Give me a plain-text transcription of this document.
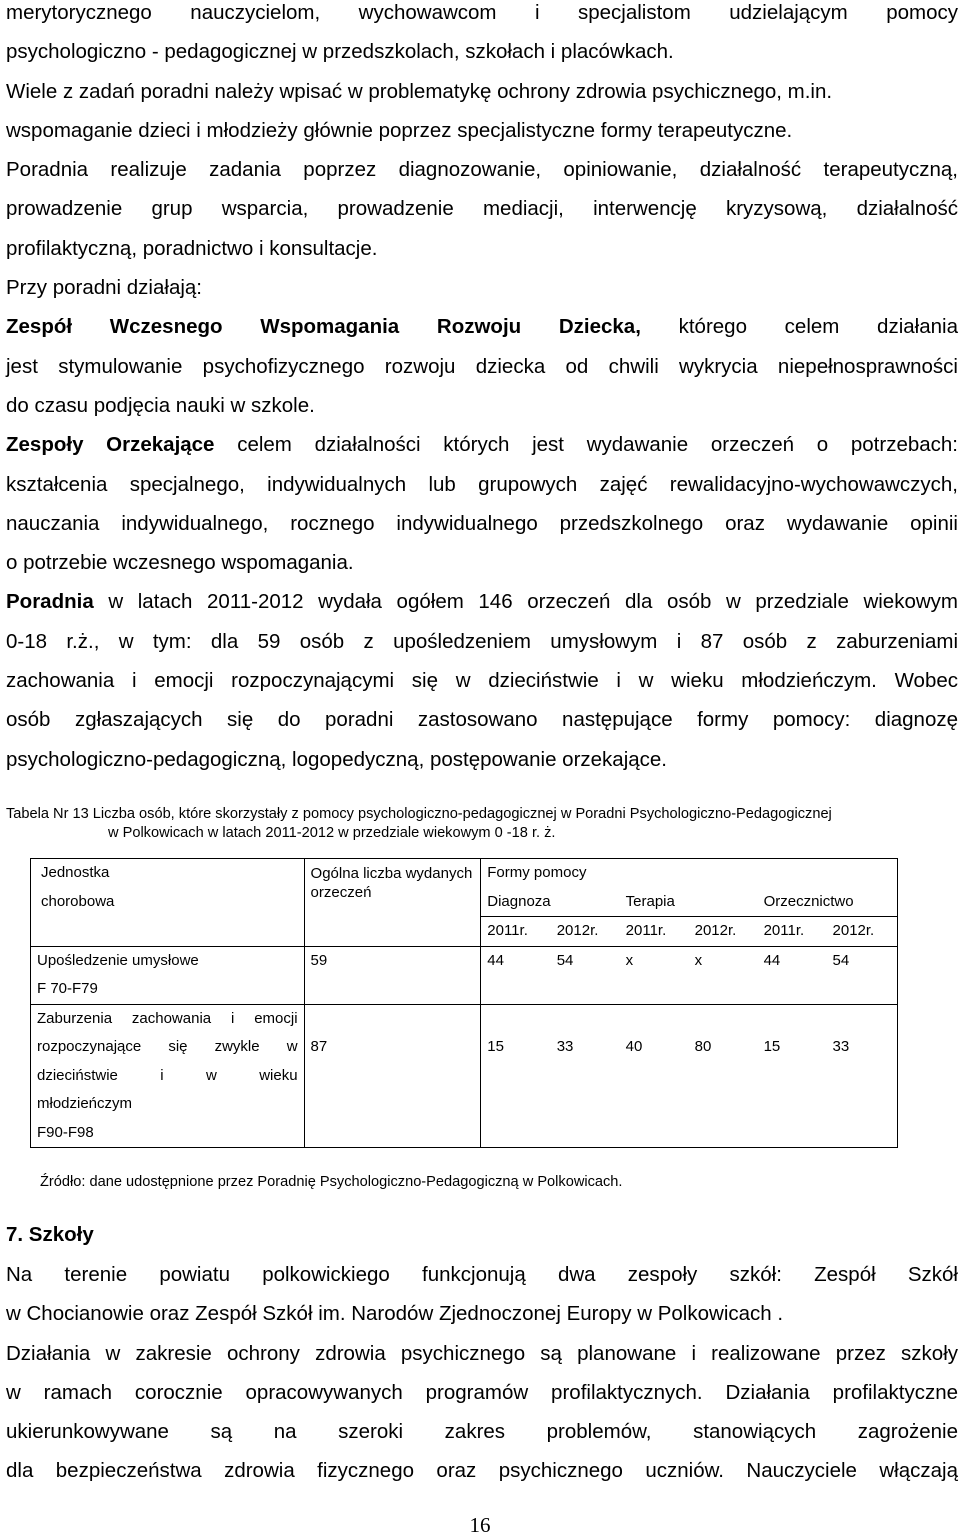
merytorycznego nauczycielom, wychowawcom i specjalistom udzielającym pomocy
psychologiczno - pedagogicznej w przedszkolach, szkołach i placówkach.
Wiele z zadań poradni należy wpisać w problematykę ochrony zdrowia psychicznego, m.in.
wspomaganie dzieci i młodzieży głównie poprzez specjalistyczne formy terapeutyczne.
Poradnia realizuje zadania poprzez diagnozowanie, opiniowanie, działalność terapeutyczną,
prowadzenie grup wsparcia, prowadzenie mediacji, interwencję kryzysową, działalność
profilaktyczną, poradnictwo i konsultacje.
Przy poradni działają:
Zespół Wczesnego Wspomagania Rozwoju Dziecka, którego celem działania
jest stymulowanie psychofizycznego rozwoju dziecka od chwili wykrycia niepełnosprawności
do czasu podjęcia nauki w szkole.
Zespoły Orzekające celem działalności których jest wydawanie orzeczeń o potrzebach:
kształcenia specjalnego, indywidualnych lub grupowych zajęć rewalidacyjno-wychowawczych,
nauczania indywidualnego, rocznego indywidualnego przedszkolnego oraz wydawanie opinii
o potrzebie wczesnego wspomagania.
Poradnia w latach 2011-2012 wydała ogółem 146 orzeczeń dla osób w przedziale wiekowym
0-18 r.ż., w tym: dla 59 osób z upośledzeniem umysłowym i 87 osób z zaburzeniami
zachowania i emocji rozpoczynającymi się w dzieciństwie i w wieku młodzieńczym. Wobec
osób zgłaszających się do poradni zastosowano następujące formy pomocy: diagnozę
psychologiczno-pedagogiczną, logopedyczną, postępowanie orzekające.
Tabela Nr 13 Liczba osób, które skorzystały z pomocy psychologiczno-pedagogicznej w Poradni Psychologiczno-Pedagogicznej
w Polkowicach w latach 2011-2012 w przedziale wiekowym 0 -18 r. ż.
Jednostka
chorobowa	Ogólna liczba wydanych orzeczeń	Formy pomocy					
		Diagnoza		Terapia		Orzecznictwo	
		2011r.	2012r.	2011r.	2012r.	2011r.	2012r.

Upośledzenie umysłowe
F 70-F79	59	44	54	x	x	44	54

Zaburzenia zachowania i emocji
rozpoczynające się zwykle w
dzieciństwie i w wieku
młodzieńczym
F90-F98	87	15	33	40	80	15	33
Źródło: dane udostępnione przez Poradnię Psychologiczno-Pedagogiczną w Polkowicach.
7. Szkoły
Na terenie powiatu polkowickiego funkcjonują dwa zespoły szkół: Zespół Szkół
w Chocianowie oraz Zespół Szkół im. Narodów Zjednoczonej Europy w Polkowicach .
Działania w zakresie ochrony zdrowia psychicznego są planowane i realizowane przez szkoły
w ramach corocznie opracowywanych programów profilaktycznych. Działania profilaktyczne
ukierunkowywane są na szeroki zakres problemów, stanowiących zagrożenie
dla bezpieczeństwa zdrowia fizycznego oraz psychicznego uczniów. Nauczyciele włączają
16
